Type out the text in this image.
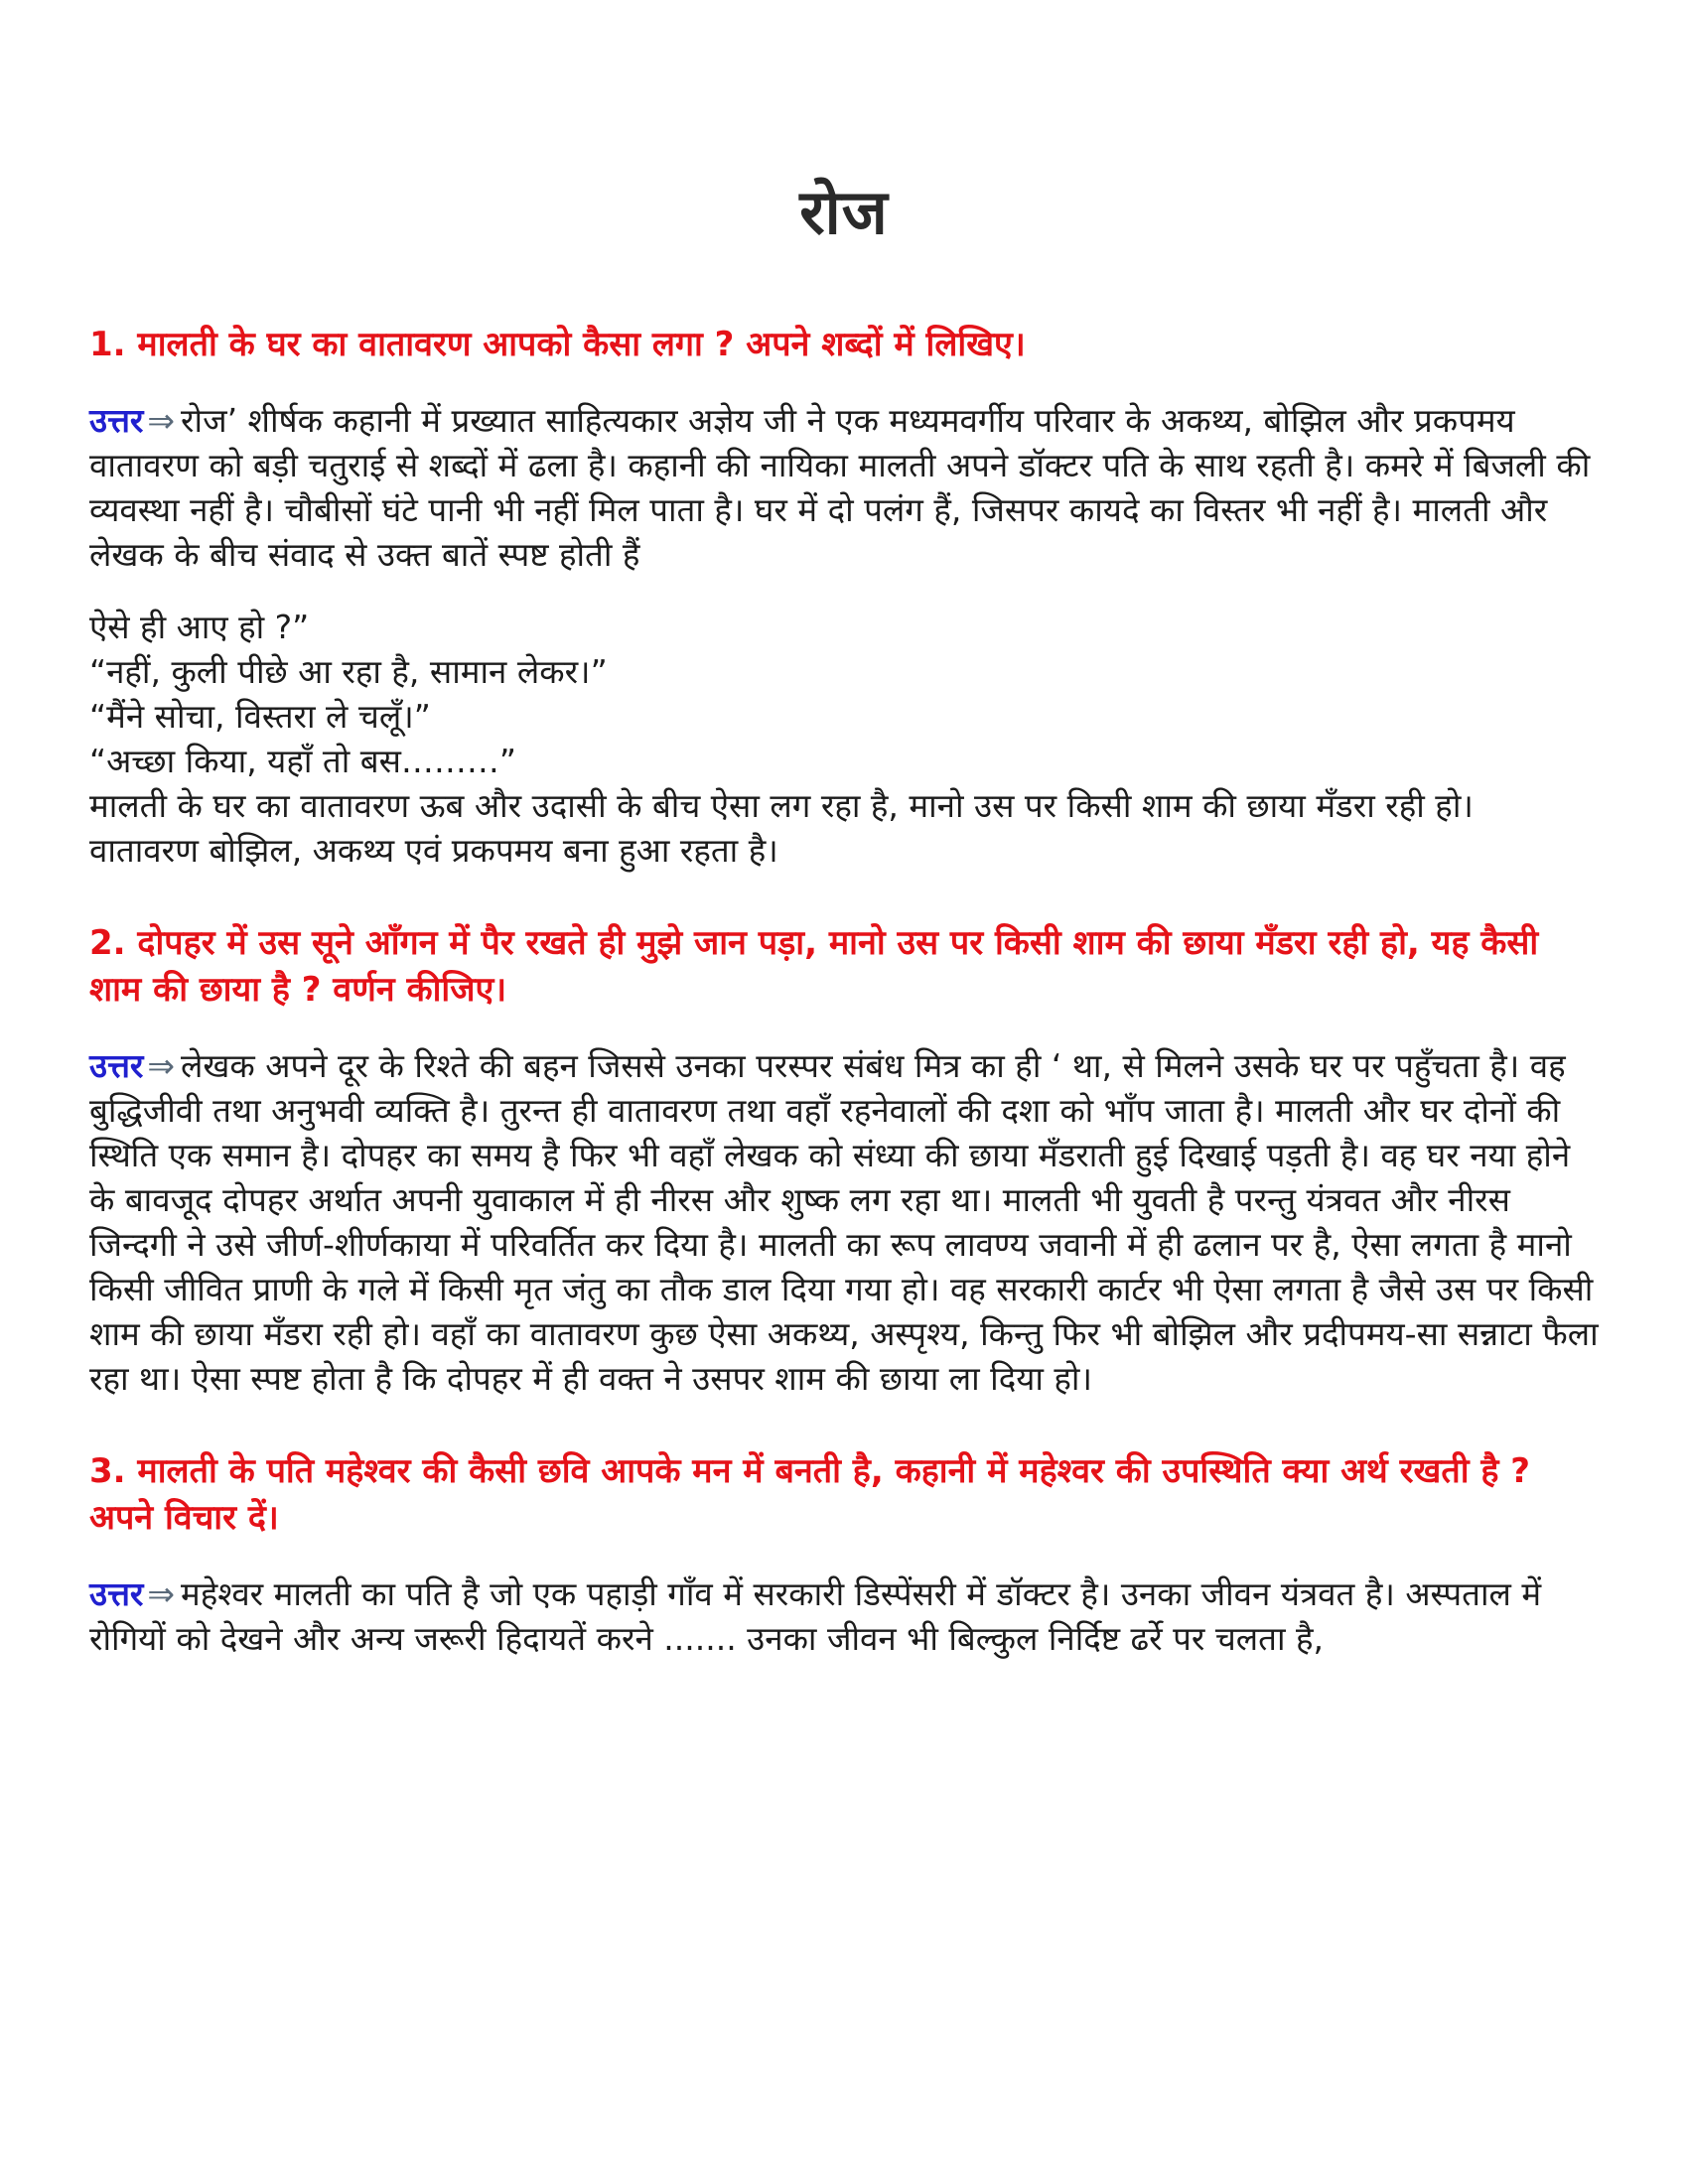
रोज

1. मालती के घर का वातावरण आपको कैसा लगा ? अपने शब्दों में लिखिए।

उत्तर ⇒ रोज’ शीर्षक कहानी में प्रख्यात साहित्यकार अज्ञेय जी ने एक मध्यमवर्गीय परिवार के अकथ्य, बोझिल और प्रकपमय वातावरण को बड़ी चतुराई से शब्दों में ढला है। कहानी की नायिका मालती अपने डॉक्टर पति के साथ रहती है। कमरे में बिजली की व्यवस्था नहीं है। चौबीसों घंटे पानी भी नहीं मिल पाता है। घर में दो पलंग हैं, जिसपर कायदे का विस्तर भी नहीं है। मालती और लेखक के बीच संवाद से उक्त बातें स्पष्ट होती हैं

ऐसे ही आए हो ?”
“नहीं, कुली पीछे आ रहा है, सामान लेकर।”
“मैंने सोचा, विस्तरा ले चलूँ।”
“अच्छा किया, यहाँ तो बस………”
मालती के घर का वातावरण ऊब और उदासी के बीच ऐसा लग रहा है, मानो उस पर किसी शाम की छाया मँडरा रही हो।
वातावरण बोझिल, अकथ्य एवं प्रकपमय बना हुआ रहता है।

2. दोपहर में उस सूने आँगन में पैर रखते ही मुझे जान पड़ा, मानो उस पर किसी शाम की छाया मँडरा रही हो, यह कैसी शाम की छाया है ? वर्णन कीजिए।

उत्तर ⇒ लेखक अपने दूर के रिश्ते की बहन जिससे उनका परस्पर संबंध मित्र का ही ‘ था, से मिलने उसके घर पर पहुँचता है। वह बुद्धिजीवी तथा अनुभवी व्यक्ति है। तुरन्त ही वातावरण तथा वहाँ रहनेवालों की दशा को भाँप जाता है। मालती और घर दोनों की स्थिति एक समान है। दोपहर का समय है फिर भी वहाँ लेखक को संध्या की छाया मँडराती हुई दिखाई पड़ती है। वह घर नया होने के बावजूद दोपहर अर्थात अपनी युवाकाल में ही नीरस और शुष्क लग रहा था। मालती भी युवती है परन्तु यंत्रवत और नीरस जिन्दगी ने उसे जीर्ण-शीर्णकाया में परिवर्तित कर दिया है। मालती का रूप लावण्य जवानी में ही ढलान पर है, ऐसा लगता है मानो किसी जीवित प्राणी के गले में किसी मृत जंतु का तौक डाल दिया गया हो। वह सरकारी कार्टर भी ऐसा लगता है जैसे उस पर किसी शाम की छाया मँडरा रही हो। वहाँ का वातावरण कुछ ऐसा अकथ्य, अस्पृश्य, किन्तु फिर भी बोझिल और प्रदीपमय-सा सन्नाटा फैला रहा था। ऐसा स्पष्ट होता है कि दोपहर में ही वक्त ने उसपर शाम की छाया ला दिया हो।

3. मालती के पति महेश्वर की कैसी छवि आपके मन में बनती है, कहानी में महेश्वर की उपस्थिति क्या अर्थ रखती है ? अपने विचार दें।

उत्तर ⇒ महेश्वर मालती का पति है जो एक पहाड़ी गाँव में सरकारी डिस्पेंसरी में डॉक्टर है। उनका जीवन यंत्रवत है। अस्पताल में रोगियों को देखने और अन्य जरूरी हिदायतें करने ....... उनका जीवन भी बिल्कुल निर्दिष्ट ढर्रे पर चलता है,
